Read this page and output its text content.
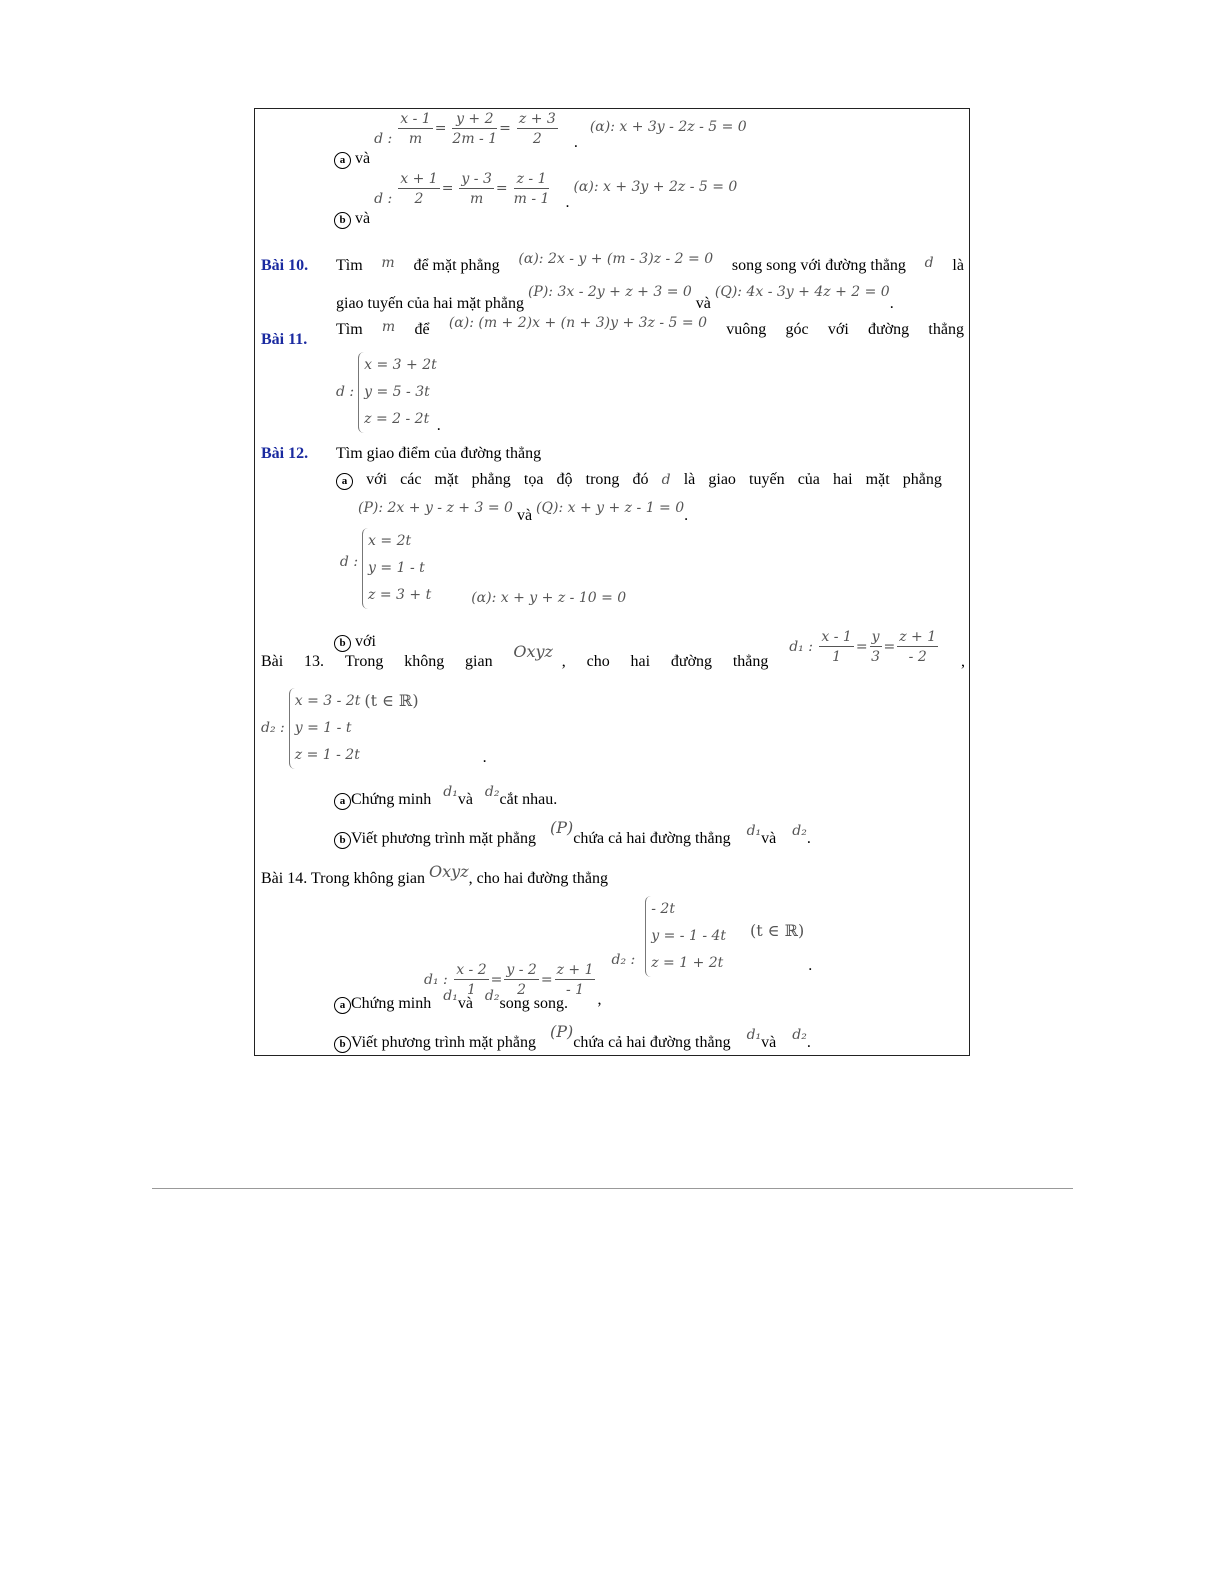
a và d : $\frac{x - 1}{m} = \frac{y + 2}{2m - 1} = \frac{z + 3}{2}$ . (α): x + 3y - 2z - 5 = 0
b và d : $\frac{x + 1}{2} = \frac{y - 3}{m} = \frac{z - 1}{m - 1}$ . (α): x + 3y + 2z - 5 = 0
Bài 10. Tìm m để mặt phẳng (α): 2x - y + (m - 3)z - 2 = 0 song song với đường thẳng d là
giao tuyến của hai mặt phẳng (P): 3x - 2y + z + 3 = 0 và (Q): 4x - 3y + 4z + 2 = 0.
Bài 11.
Tìm m để (α): (m + 2)x + (n + 3)y + 3z - 5 = 0 vuông góc với đường thẳng
d :
x = 3 + 2t
y = 5 - 3t
z = 2 - 2t .
Bài 12. Tìm giao điểm của đường thẳng
a	với các mặt phẳng tọa độ trong đó d là giao tuyến của hai mặt phẳng
(P): 2x + y - z + 3 = 0 và (Q): x + y + z - 1 = 0.
b với d :
x = 2t
y = 1 - t
z = 3 + t	(α): x + y + z - 10 = 0
Bài 13. Trong không gian
Oxyz
, cho hai đường thẳng
d₁ : $\frac{x - 1}{1} = \frac{y}{3} = \frac{z + 1}{- 2}$ ,
d₂ :
x = 3 - 2t
y = 1 - t
z = 1 - 2t
(t ∈ ℝ) .
a Chứng minh d₁và d₂cắt nhau.
b Viết phương trình mặt phẳng (P)chứa cả hai đường thẳng d₁và d₂.
Bài 14. Trong không gian Oxyz, cho hai đường thẳng
d₁ : $\frac{x - 2}{1} = \frac{y - 2}{2} = \frac{z + 1}{- 1}$
, d₂ :
- 2t
y = - 1 - 4t
z = 1 + 2t
(t ∈ ℝ) .
a Chứng minh d₁và d₂song song.
b Viết phương trình mặt phẳng (P)chứa cả hai đường thẳng d₁và d₂.
